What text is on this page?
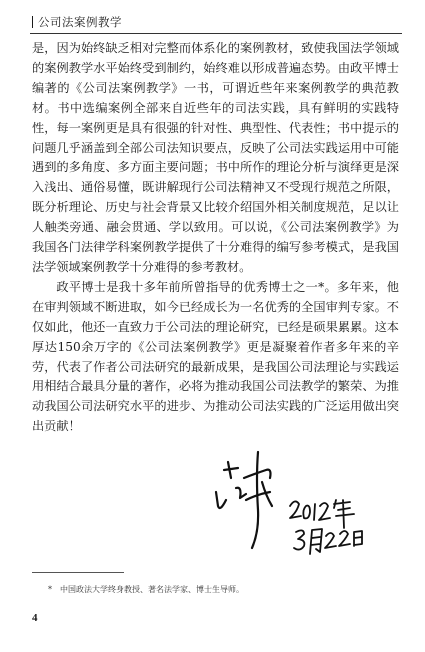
公司法案例教学

是，因为始终缺乏相对完整而体系化的案例教材，致使我国法学领域的案例教学水平始终受到制约，始终难以形成普遍态势。由政平博士编著的《公司法案例教学》一书，可谓近些年来案例教学的典范教材。书中选编案例全部来自近些年的司法实践，具有鲜明的实践特性，每一案例更是具有很强的针对性、典型性、代表性；书中提示的问题几乎涵盖到全部公司法知识要点，反映了公司法实践运用中可能遇到的多角度、多方面主要问题；书中所作的理论分析与演绎更是深入浅出、通俗易懂，既讲解现行公司法精神又不受现行规范之所限，既分析理论、历史与社会背景又比较介绍国外相关制度规范，足以让人触类旁通、融会贯通、学以致用。可以说，《公司法案例教学》为我国各门法律学科案例教学提供了十分难得的编写参考模式，是我国法学领域案例教学十分难得的参考教材。

政平博士是我十多年前所曾指导的优秀博士之一*。多年来，他在审判领域不断进取，如今已经成长为一名优秀的全国审判专家。不仅如此，他还一直致力于公司法的理论研究，已经是硕果累累。这本厚达150余万字的《公司法案例教学》更是凝聚着作者多年来的辛劳，代表了作者公司法研究的最新成果，是我国公司法理论与实践运用相结合最具分量的著作，必将为推动我国公司法教学的繁荣、为推动我国公司法研究水平的进步、为推动公司法实践的广泛运用做出突出贡献！

* 中国政法大学终身教授、著名法学家、博士生导师。
4
